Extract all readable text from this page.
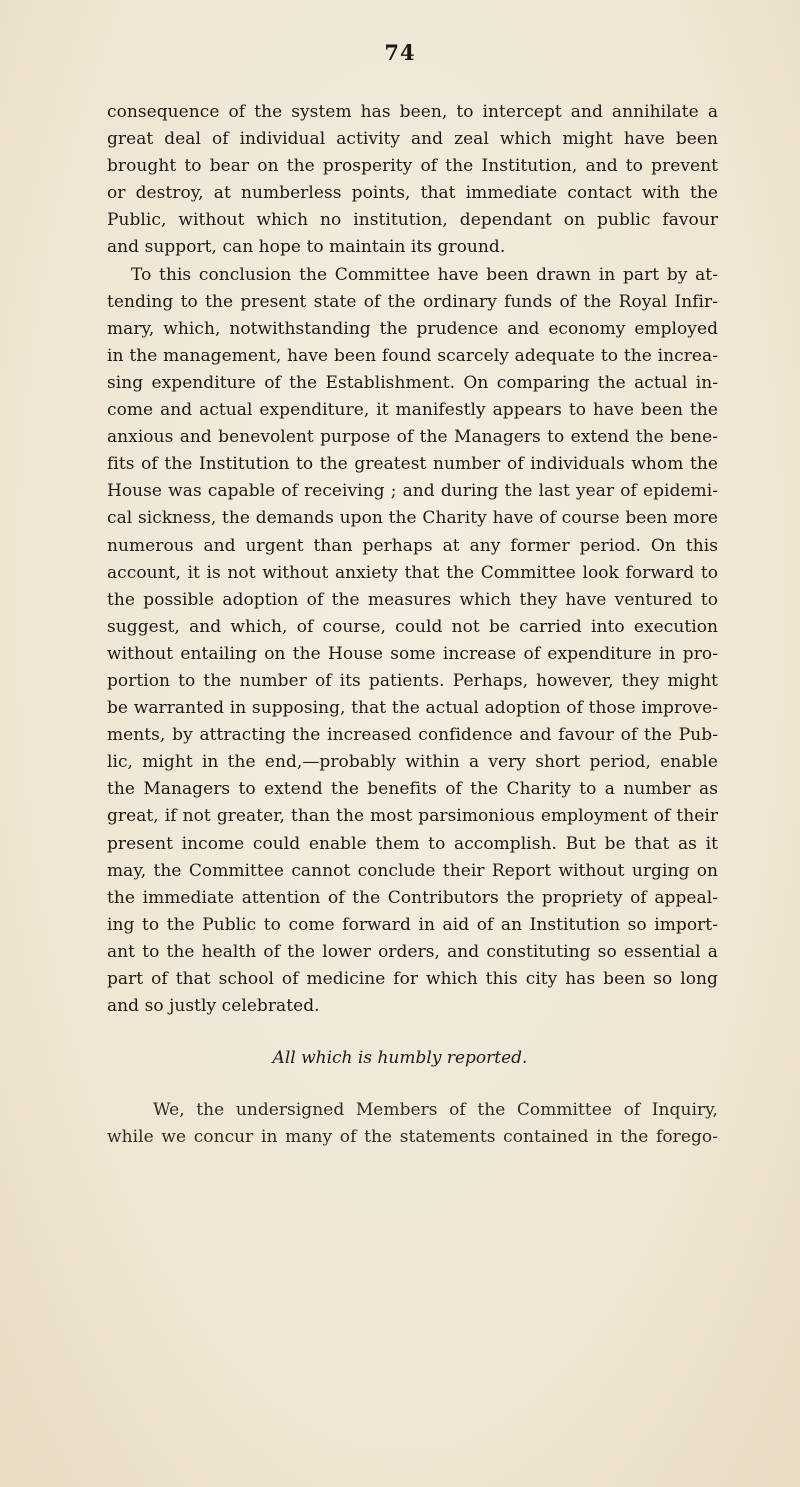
74
consequence of the system has been, to intercept and annihilate a
great deal of individual activity and zeal which might have been
brought to bear on the prosperity of the Institution, and to prevent
or destroy, at numberless points, that immediate contact with the
Public, without which no institution, dependant on public favour
and support, can hope to maintain its ground.
To this conclusion the Committee have been drawn in part by at-
tending to the present state of the ordinary funds of the Royal Infir-
mary, which, notwithstanding the prudence and economy employed
in the management, have been found scarcely adequate to the increa-
sing expenditure of the Establishment. On comparing the actual in-
come and actual expenditure, it manifestly appears to have been the
anxious and benevolent purpose of the Managers to extend the bene-
fits of the Institution to the greatest number of individuals whom the
House was capable of receiving ; and during the last year of epidemi-
cal sickness, the demands upon the Charity have of course been more
numerous and urgent than perhaps at any former period. On this
account, it is not without anxiety that the Committee look forward to
the possible adoption of the measures which they have ventured to
suggest, and which, of course, could not be carried into execution
without entailing on the House some increase of expenditure in pro-
portion to the number of its patients. Perhaps, however, they might
be warranted in supposing, that the actual adoption of those improve-
ments, by attracting the increased confidence and favour of the Pub-
lic, might in the end,—probably within a very short period, enable
the Managers to extend the benefits of the Charity to a number as
great, if not greater, than the most parsimonious employment of their
present income could enable them to accomplish. But be that as it
may, the Committee cannot conclude their Report without urging on
the immediate attention of the Contributors the propriety of appeal-
ing to the Public to come forward in aid of an Institution so import-
ant to the health of the lower orders, and constituting so essential a
part of that school of medicine for which this city has been so long
and so justly celebrated.
All which is humbly reported.
We, the undersigned Members of the Committee of Inquiry,
while we concur in many of the statements contained in the forego-
